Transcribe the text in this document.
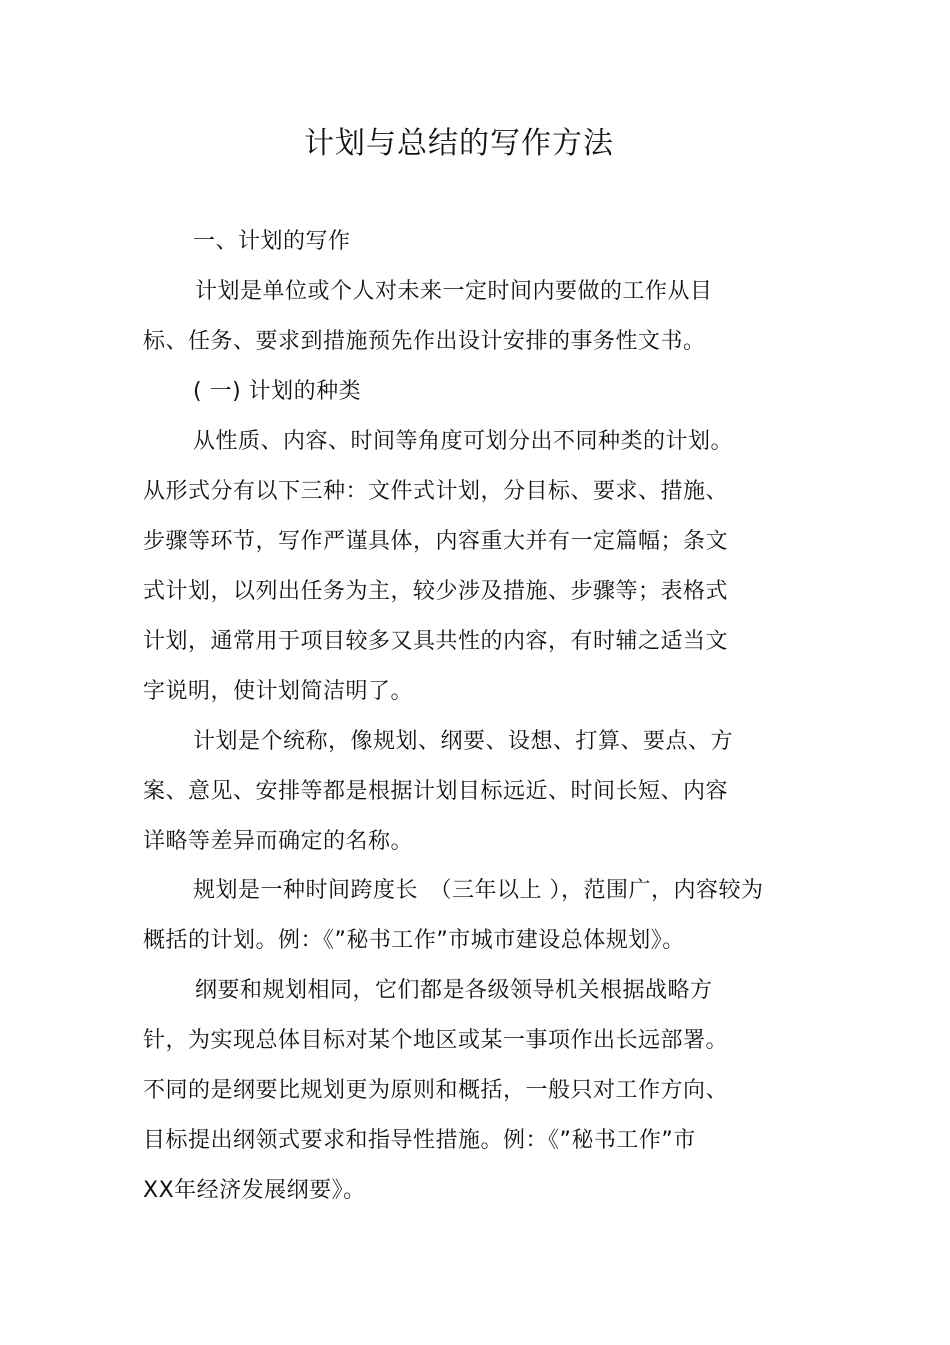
计划与总结的写作方法
一、计划的写作
计划是单位或个人对未来一定时间内要做的工作从目
标、任务、要求到措施预先作出设计安排的事务性文书。
( 一) 计划的种类
从性质、内容、时间等角度可划分出不同种类的计划。
从形式分有以下三种：文件式计划，分目标、要求、措施、
步骤等环节，写作严谨具体，内容重大并有一定篇幅；条文
式计划，以列出任务为主，较少涉及措施、步骤等；表格式
计划，通常用于项目较多又具共性的内容，有时辅之适当文
字说明，使计划简洁明了。
计划是个统称，像规划、纲要、设想、打算、要点、方
案、意见、安排等都是根据计划目标远近、时间长短、内容
详略等差异而确定的名称。
规划是一种时间跨度长　（三年以上 ），范围广，内容较为
概括的计划。例：《”秘书工作”市城市建设总体规划》。
纲要和规划相同，它们都是各级领导机关根据战略方
针，为实现总体目标对某个地区或某一事项作出长远部署。
不同的是纲要比规划更为原则和概括，一般只对工作方向、
目标提出纲领式要求和指导性措施。例：《”秘书工作”市
XX年经济发展纲要》。
